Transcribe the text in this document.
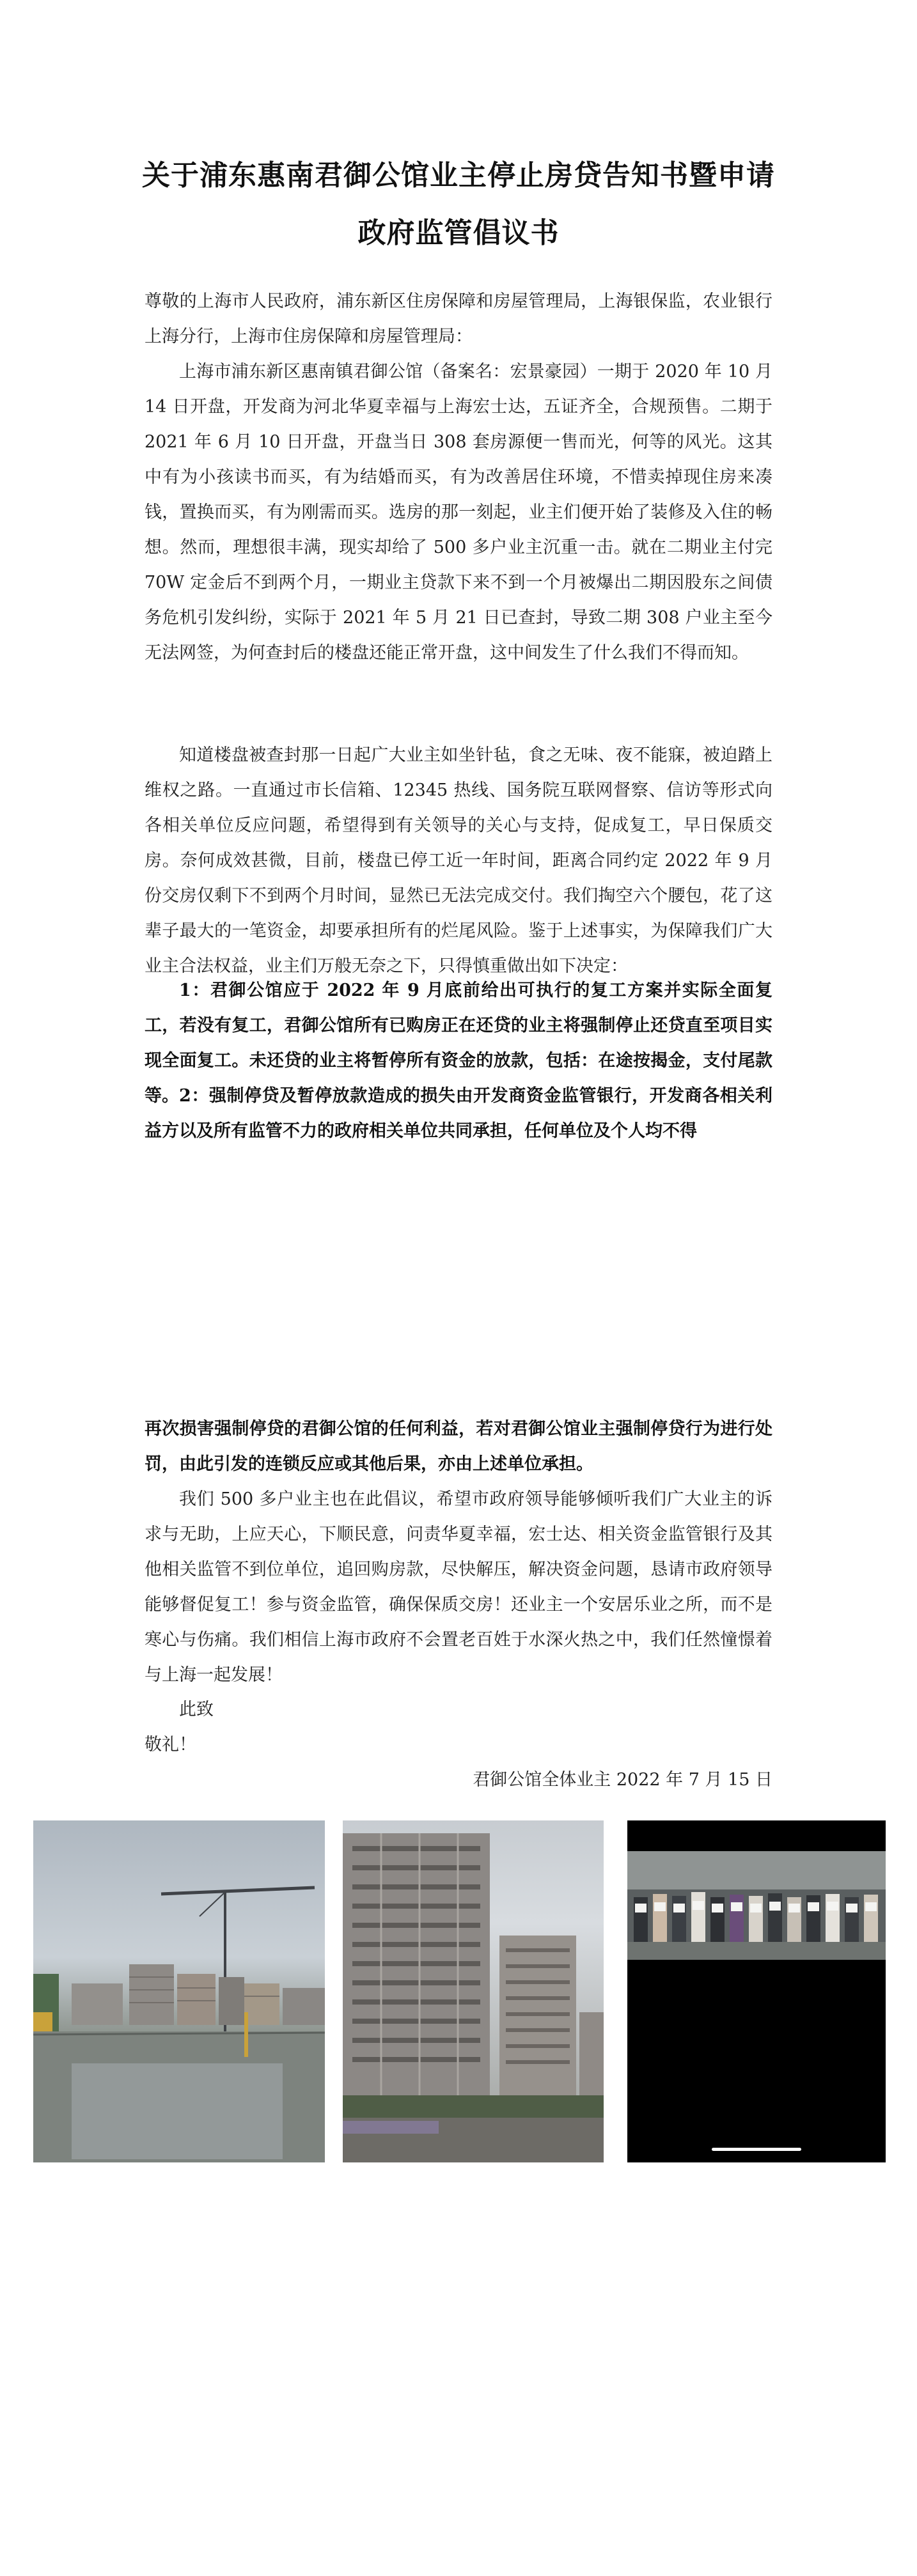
关于浦东惠南君御公馆业主停止房贷告知书暨申请
政府监管倡议书

尊敬的上海市人民政府，浦东新区住房保障和房屋管理局，上海银保监，农业银行上海分行，上海市住房保障和房屋管理局：

上海市浦东新区惠南镇君御公馆（备案名：宏景豪园）一期于 2020 年 10 月 14 日开盘，开发商为河北华夏幸福与上海宏士达，五证齐全，合规预售。二期于 2021 年 6 月 10 日开盘，开盘当日 308 套房源便一售而光，何等的风光。这其中有为小孩读书而买，有为结婚而买，有为改善居住环境，不惜卖掉现住房来凑钱，置换而买，有为刚需而买。选房的那一刻起，业主们便开始了装修及入住的畅想。然而，理想很丰满，现实却给了 500 多户业主沉重一击。就在二期业主付完 70W 定金后不到两个月，一期业主贷款下来不到一个月被爆出二期因股东之间债务危机引发纠纷，实际于 2021 年 5 月 21 日已查封，导致二期 308 户业主至今无法网签，为何查封后的楼盘还能正常开盘，这中间发生了什么我们不得而知。

知道楼盘被查封那一日起广大业主如坐针毡，食之无味、夜不能寐，被迫踏上维权之路。一直通过市长信箱、12345 热线、国务院互联网督察、信访等形式向各相关单位反应问题，希望得到有关领导的关心与支持，促成复工，早日保质交房。奈何成效甚微，目前，楼盘已停工近一年时间，距离合同约定 2022 年 9 月份交房仅剩下不到两个月时间，显然已无法完成交付。我们掏空六个腰包，花了这辈子最大的一笔资金，却要承担所有的烂尾风险。鉴于上述事实，为保障我们广大业主合法权益，业主们万般无奈之下，只得慎重做出如下决定：

1：君御公馆应于 2022 年 9 月底前给出可执行的复工方案并实际全面复工，若没有复工，君御公馆所有已购房正在还贷的业主将强制停止还贷直至项目实现全面复工。未还贷的业主将暂停所有资金的放款，包括：在途按揭金，支付尾款等。 2：强制停贷及暂停放款造成的损失由开发商资金监管银行，开发商各相关利益方以及所有监管不力的政府相关单位共同承担，任何单位及个人均不得

再次损害强制停贷的君御公馆的任何利益，若对君御公馆业主强制停贷行为进行处罚，由此引发的连锁反应或其他后果，亦由上述单位承担。

我们 500 多户业主也在此倡议，希望市政府领导能够倾听我们广大业主的诉求与无助，上应天心，下顺民意，问责华夏幸福，宏士达、相关资金监管银行及其他相关监管不到位单位，追回购房款，尽快解压，解决资金问题，恳请市政府领导能够督促复工！参与资金监管，确保保质交房！还业主一个安居乐业之所，而不是寒心与伤痛。我们相信上海市政府不会置老百姓于水深火热之中，我们任然憧憬着与上海一起发展！

此致

敬礼！

君御公馆全体业主 2022 年 7 月 15 日
